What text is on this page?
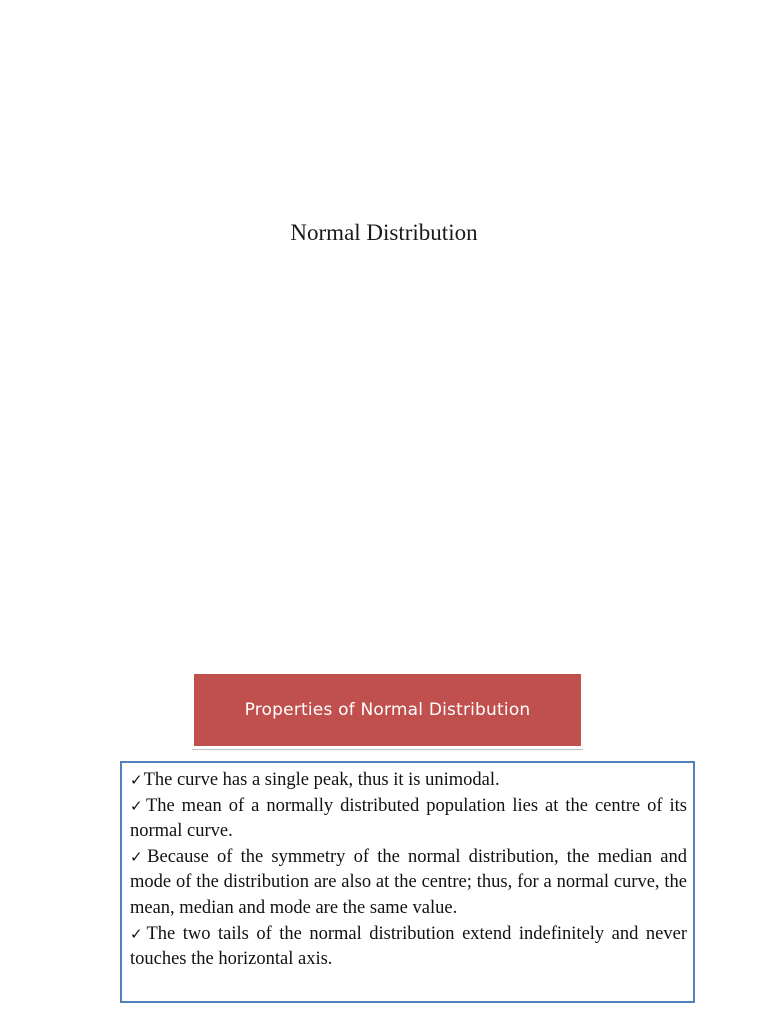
Normal Distribution
Properties of Normal Distribution

✓The curve has a single peak, thus it is unimodal.

✓The mean of a normally distributed population lies at the centre of its normal curve.

✓Because of the symmetry of the normal distribution, the median and mode of the distribution are also at the centre; thus, for a normal curve, the mean, median and mode are the same value.

✓The two tails of the normal distribution extend indefinitely and never touches the horizontal axis.
